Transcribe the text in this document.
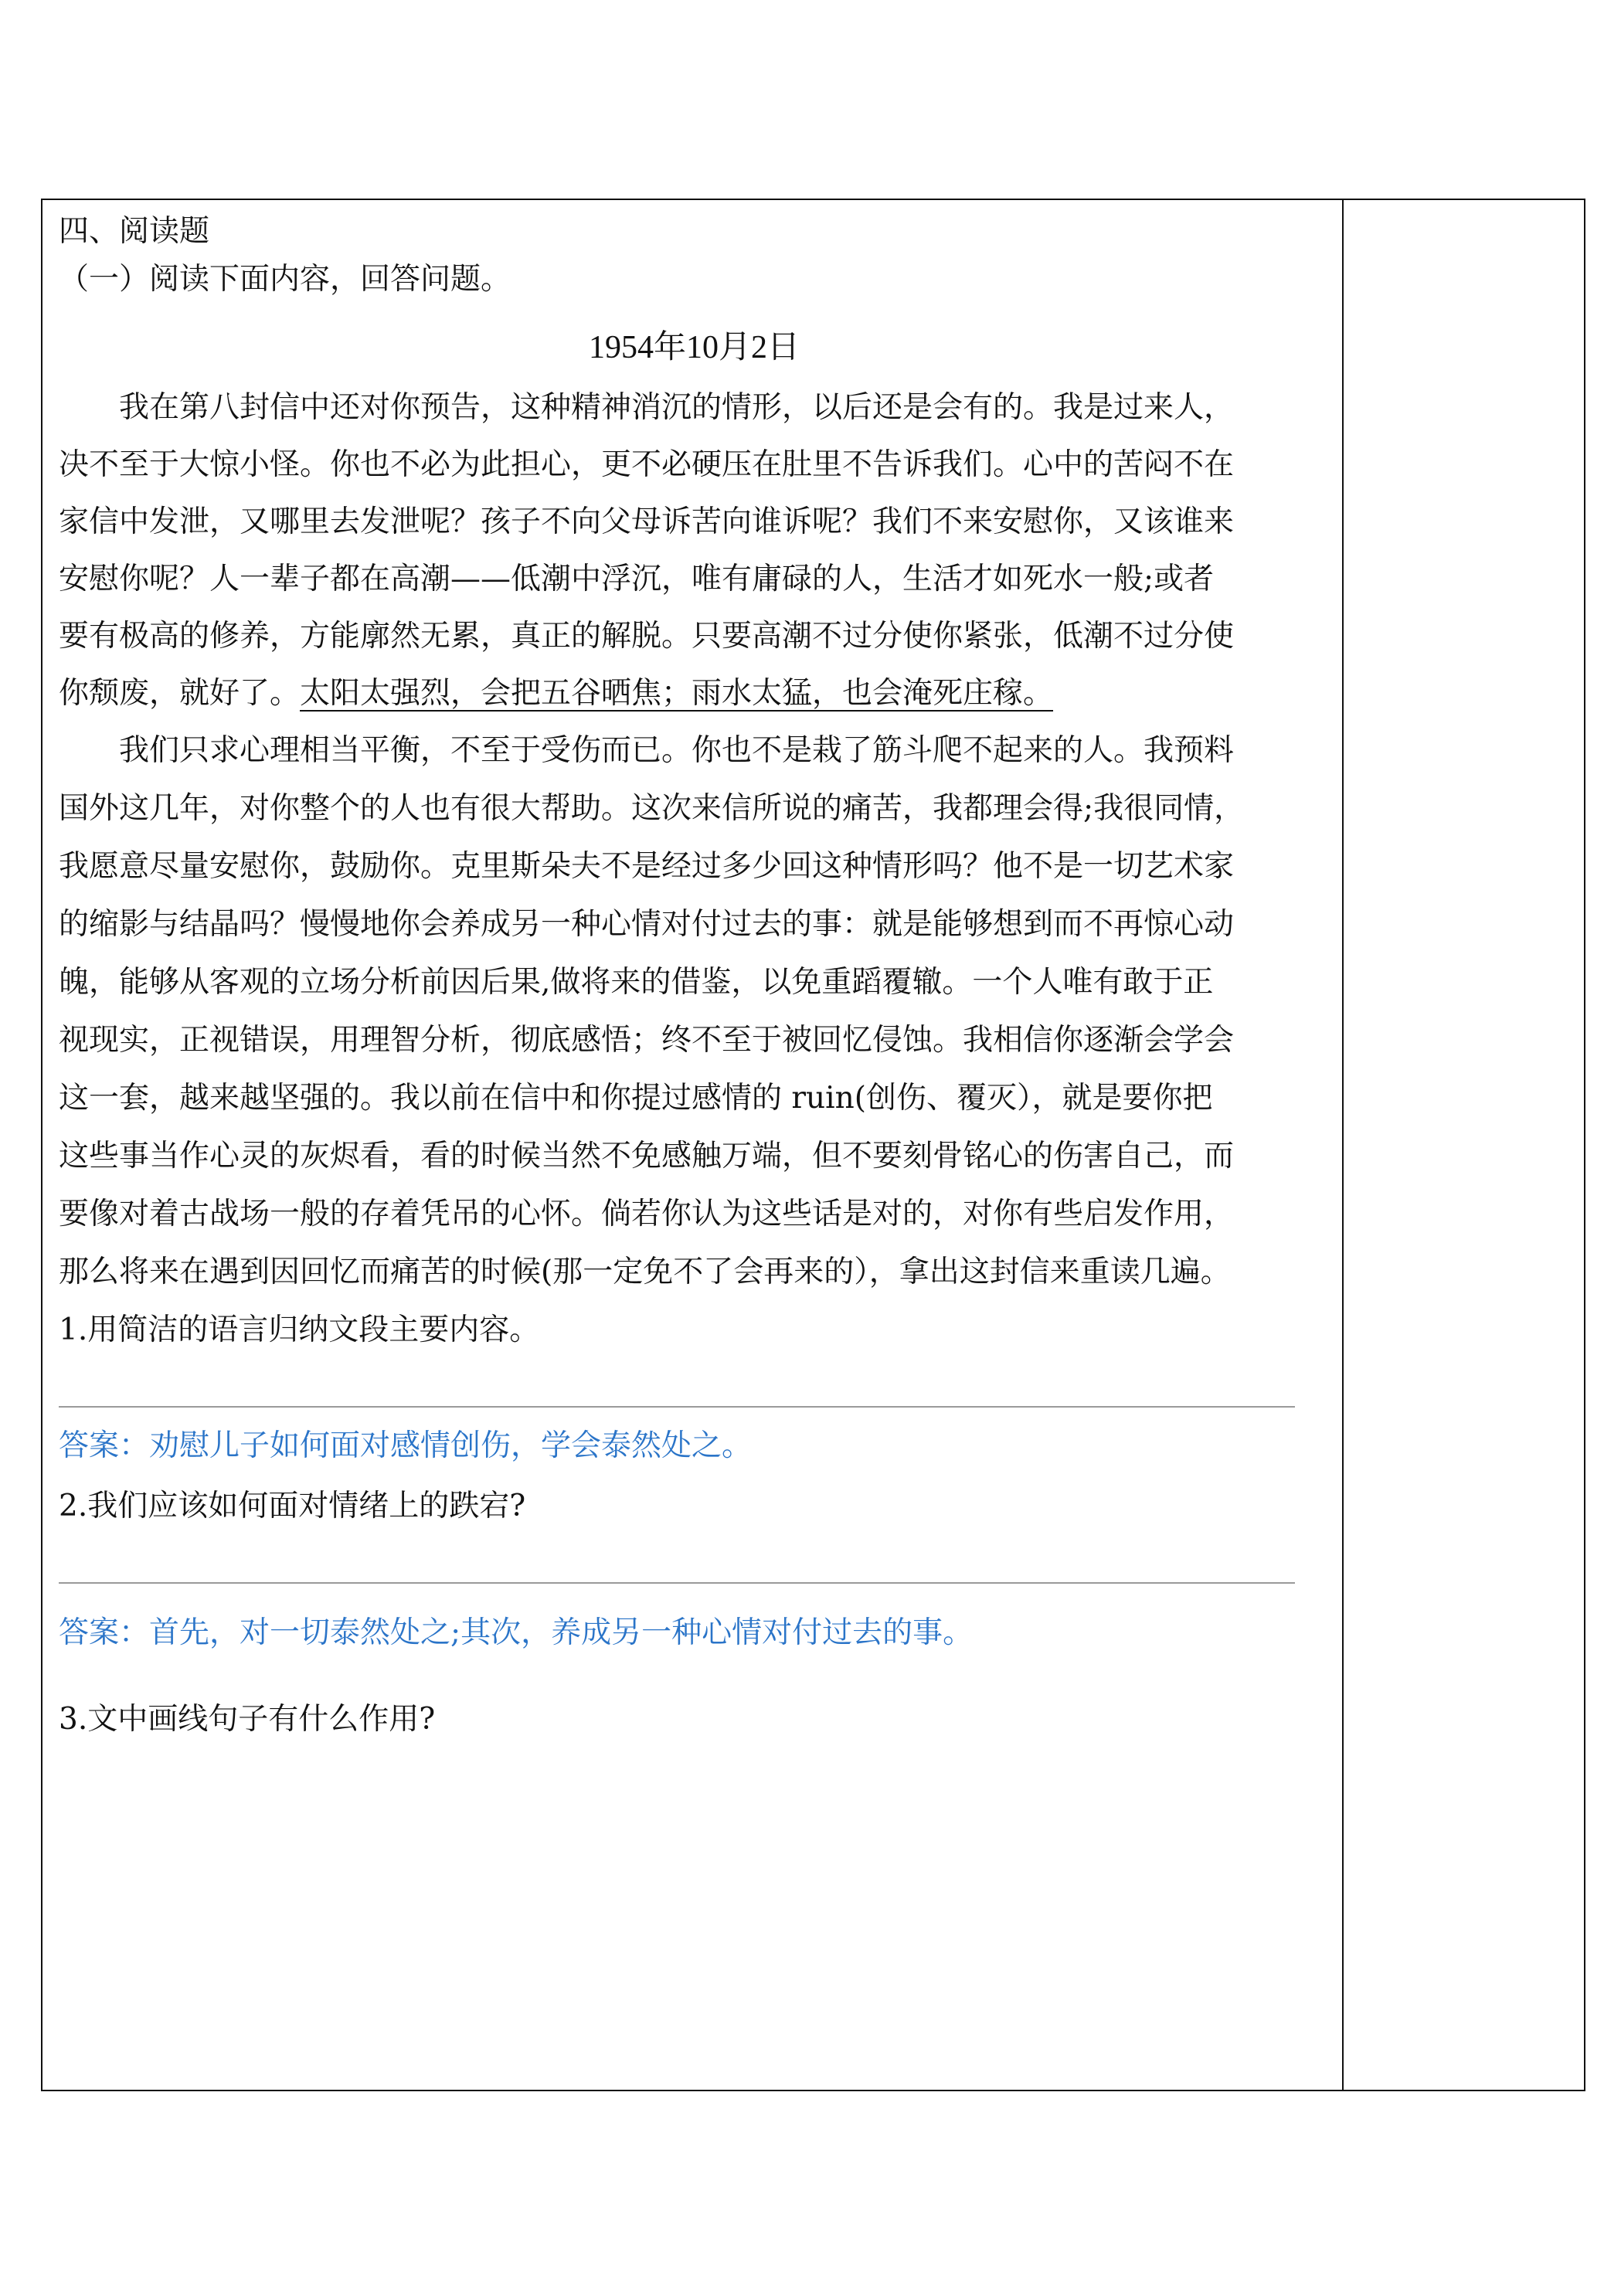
四、阅读题
（一）阅读下面内容，回答问题。
1954年10月2日
　　我在第八封信中还对你预告，这种精神消沉的情形，以后还是会有的。我是过来人，
决不至于大惊小怪。你也不必为此担心，更不必硬压在肚里不告诉我们。心中的苦闷不在
家信中发泄，又哪里去发泄呢？孩子不向父母诉苦向谁诉呢？我们不来安慰你，又该谁来
安慰你呢？人一辈子都在高潮——低潮中浮沉，唯有庸碌的人，生活才如死水一般;或者
要有极高的修养，方能廓然无累，真正的解脱。只要高潮不过分使你紧张，低潮不过分使
你颓废，就好了。太阳太强烈，会把五谷晒焦；雨水太猛，也会淹死庄稼。
　　我们只求心理相当平衡，不至于受伤而已。你也不是栽了筋斗爬不起来的人。我预料
国外这几年，对你整个的人也有很大帮助。这次来信所说的痛苦，我都理会得;我很同情，
我愿意尽量安慰你，鼓励你。克里斯朵夫不是经过多少回这种情形吗？他不是一切艺术家
的缩影与结晶吗？慢慢地你会养成另一种心情对付过去的事：就是能够想到而不再惊心动
魄，能够从客观的立场分析前因后果,做将来的借鉴，以免重蹈覆辙。一个人唯有敢于正
视现实，正视错误，用理智分析，彻底感悟；终不至于被回忆侵蚀。我相信你逐渐会学会
这一套，越来越坚强的。我以前在信中和你提过感情的 ruin(创伤、覆灭），就是要你把
这些事当作心灵的灰烬看，看的时候当然不免感触万端，但不要刻骨铭心的伤害自己，而
要像对着古战场一般的存着凭吊的心怀。倘若你认为这些话是对的，对你有些启发作用，
那么将来在遇到因回忆而痛苦的时候(那一定免不了会再来的），拿出这封信来重读几遍。
1.用简洁的语言归纳文段主要内容。
答案：劝慰儿子如何面对感情创伤，学会泰然处之。
2.我们应该如何面对情绪上的跌宕?
答案：首先，对一切泰然处之;其次，养成另一种心情对付过去的事。
3.文中画线句子有什么作用?
